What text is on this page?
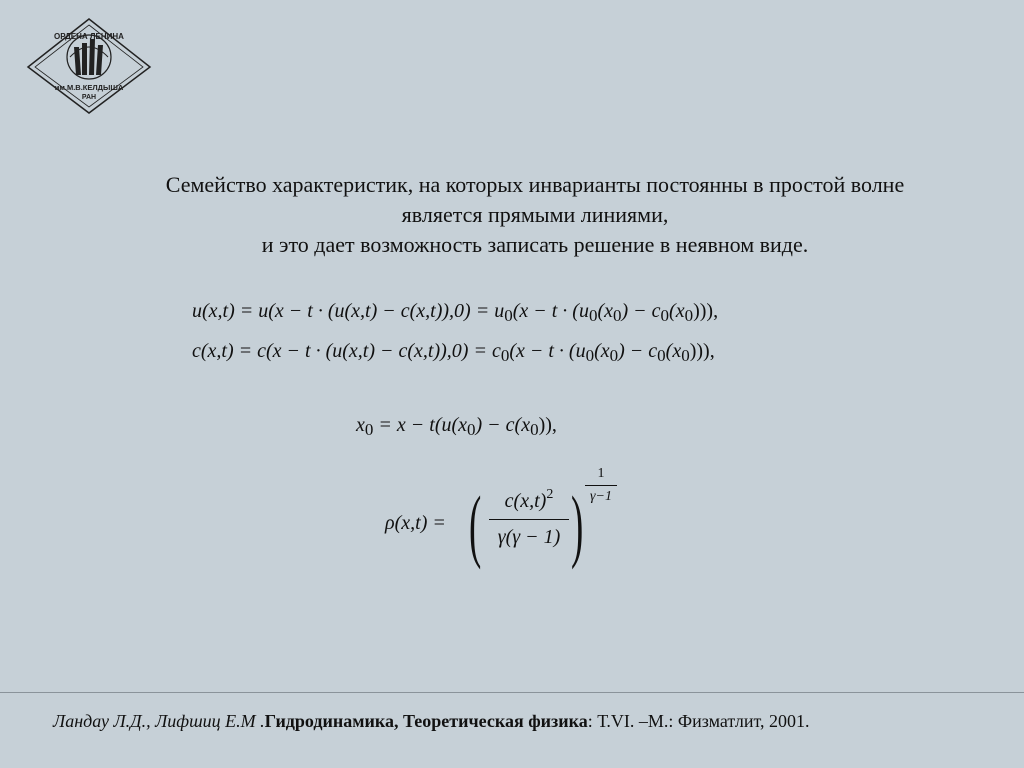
ОРДЕНА ЛЕНИНА
им.М.В.КЕЛДЫША
РАН
Семейство характеристик, на которых инварианты постоянны в простой волне
является прямыми линиями,
и это дает возможность записать решение в неявном виде.
$u(x,t) = u(x - t \cdot (u(x,t) - c(x,t)),0) = u_0(x - t \cdot (u_0(x_0) - c_0(x_0)))$,
$c(x,t) = c(x - t \cdot (u(x,t) - c(x,t)),0) = c_0(x - t \cdot (u_0(x_0) - c_0(x_0)))$,
$x_0 = x - t(u(x_0) - c(x_0))$,
ρ(x,t) = (	$c(x,t)^2$
γ(γ − 1) )
1
γ−1
Ландау Л.Д., Лифшиц Е.М .Гидродинамика, Теоретическая физика: Т.VI. –М.: Физматлит, 2001.
